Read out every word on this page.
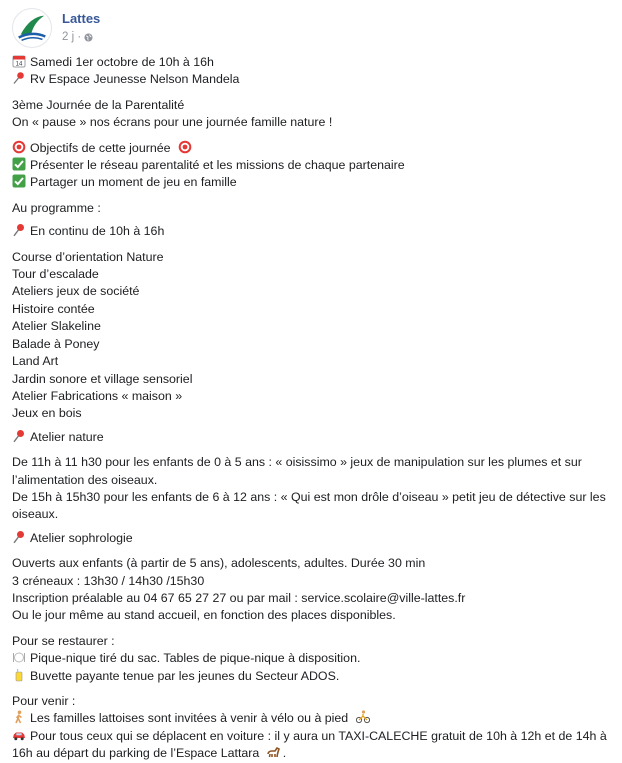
Lattes
2 j ·
14 Samedi 1er octobre de 10h à 16h
Rv Espace Jeunesse Nelson Mandela
3ème Journée de la Parentalité
On « pause » nos écrans pour une journée famille nature !
Objectifs de cette journée
Présenter le réseau parentalité et les missions de chaque partenaire
Partager un moment de jeu en famille
Au programme :
En continu de 10h à 16h
Course d’orientation Nature
Tour d’escalade
Ateliers jeux de société
Histoire contée
Atelier Slakeline
Balade à Poney
Land Art
Jardin sonore et village sensoriel
Atelier Fabrications « maison »
Jeux en bois
Atelier nature
De 11h à 11 h30 pour les enfants de 0 à 5 ans : « oisissimo » jeux de manipulation sur les plumes et sur l’alimentation des oiseaux.
De 15h à 15h30 pour les enfants de 6 à 12 ans : « Qui est mon drôle d’oiseau » petit jeu de détective sur les oiseaux.
Atelier sophrologie
Ouverts aux enfants (à partir de 5 ans), adolescents, adultes. Durée 30 min
3 créneaux : 13h30 / 14h30 /15h30
Inscription préalable au 04 67 65 27 27 ou par mail : service.scolaire@ville-lattes.fr
Ou le jour même au stand accueil, en fonction des places disponibles.
Pour se restaurer :
Pique-nique tiré du sac. Tables de pique-nique à disposition.
Buvette payante tenue par les jeunes du Secteur ADOS.
Pour venir :
Les familles lattoises sont invitées à venir à vélo ou à pied
Pour tous ceux qui se déplacent en voiture : il y aura un TAXI-CALECHE gratuit de 10h à 12h et de 14h à 16h au départ du parking de l’Espace Lattara .
